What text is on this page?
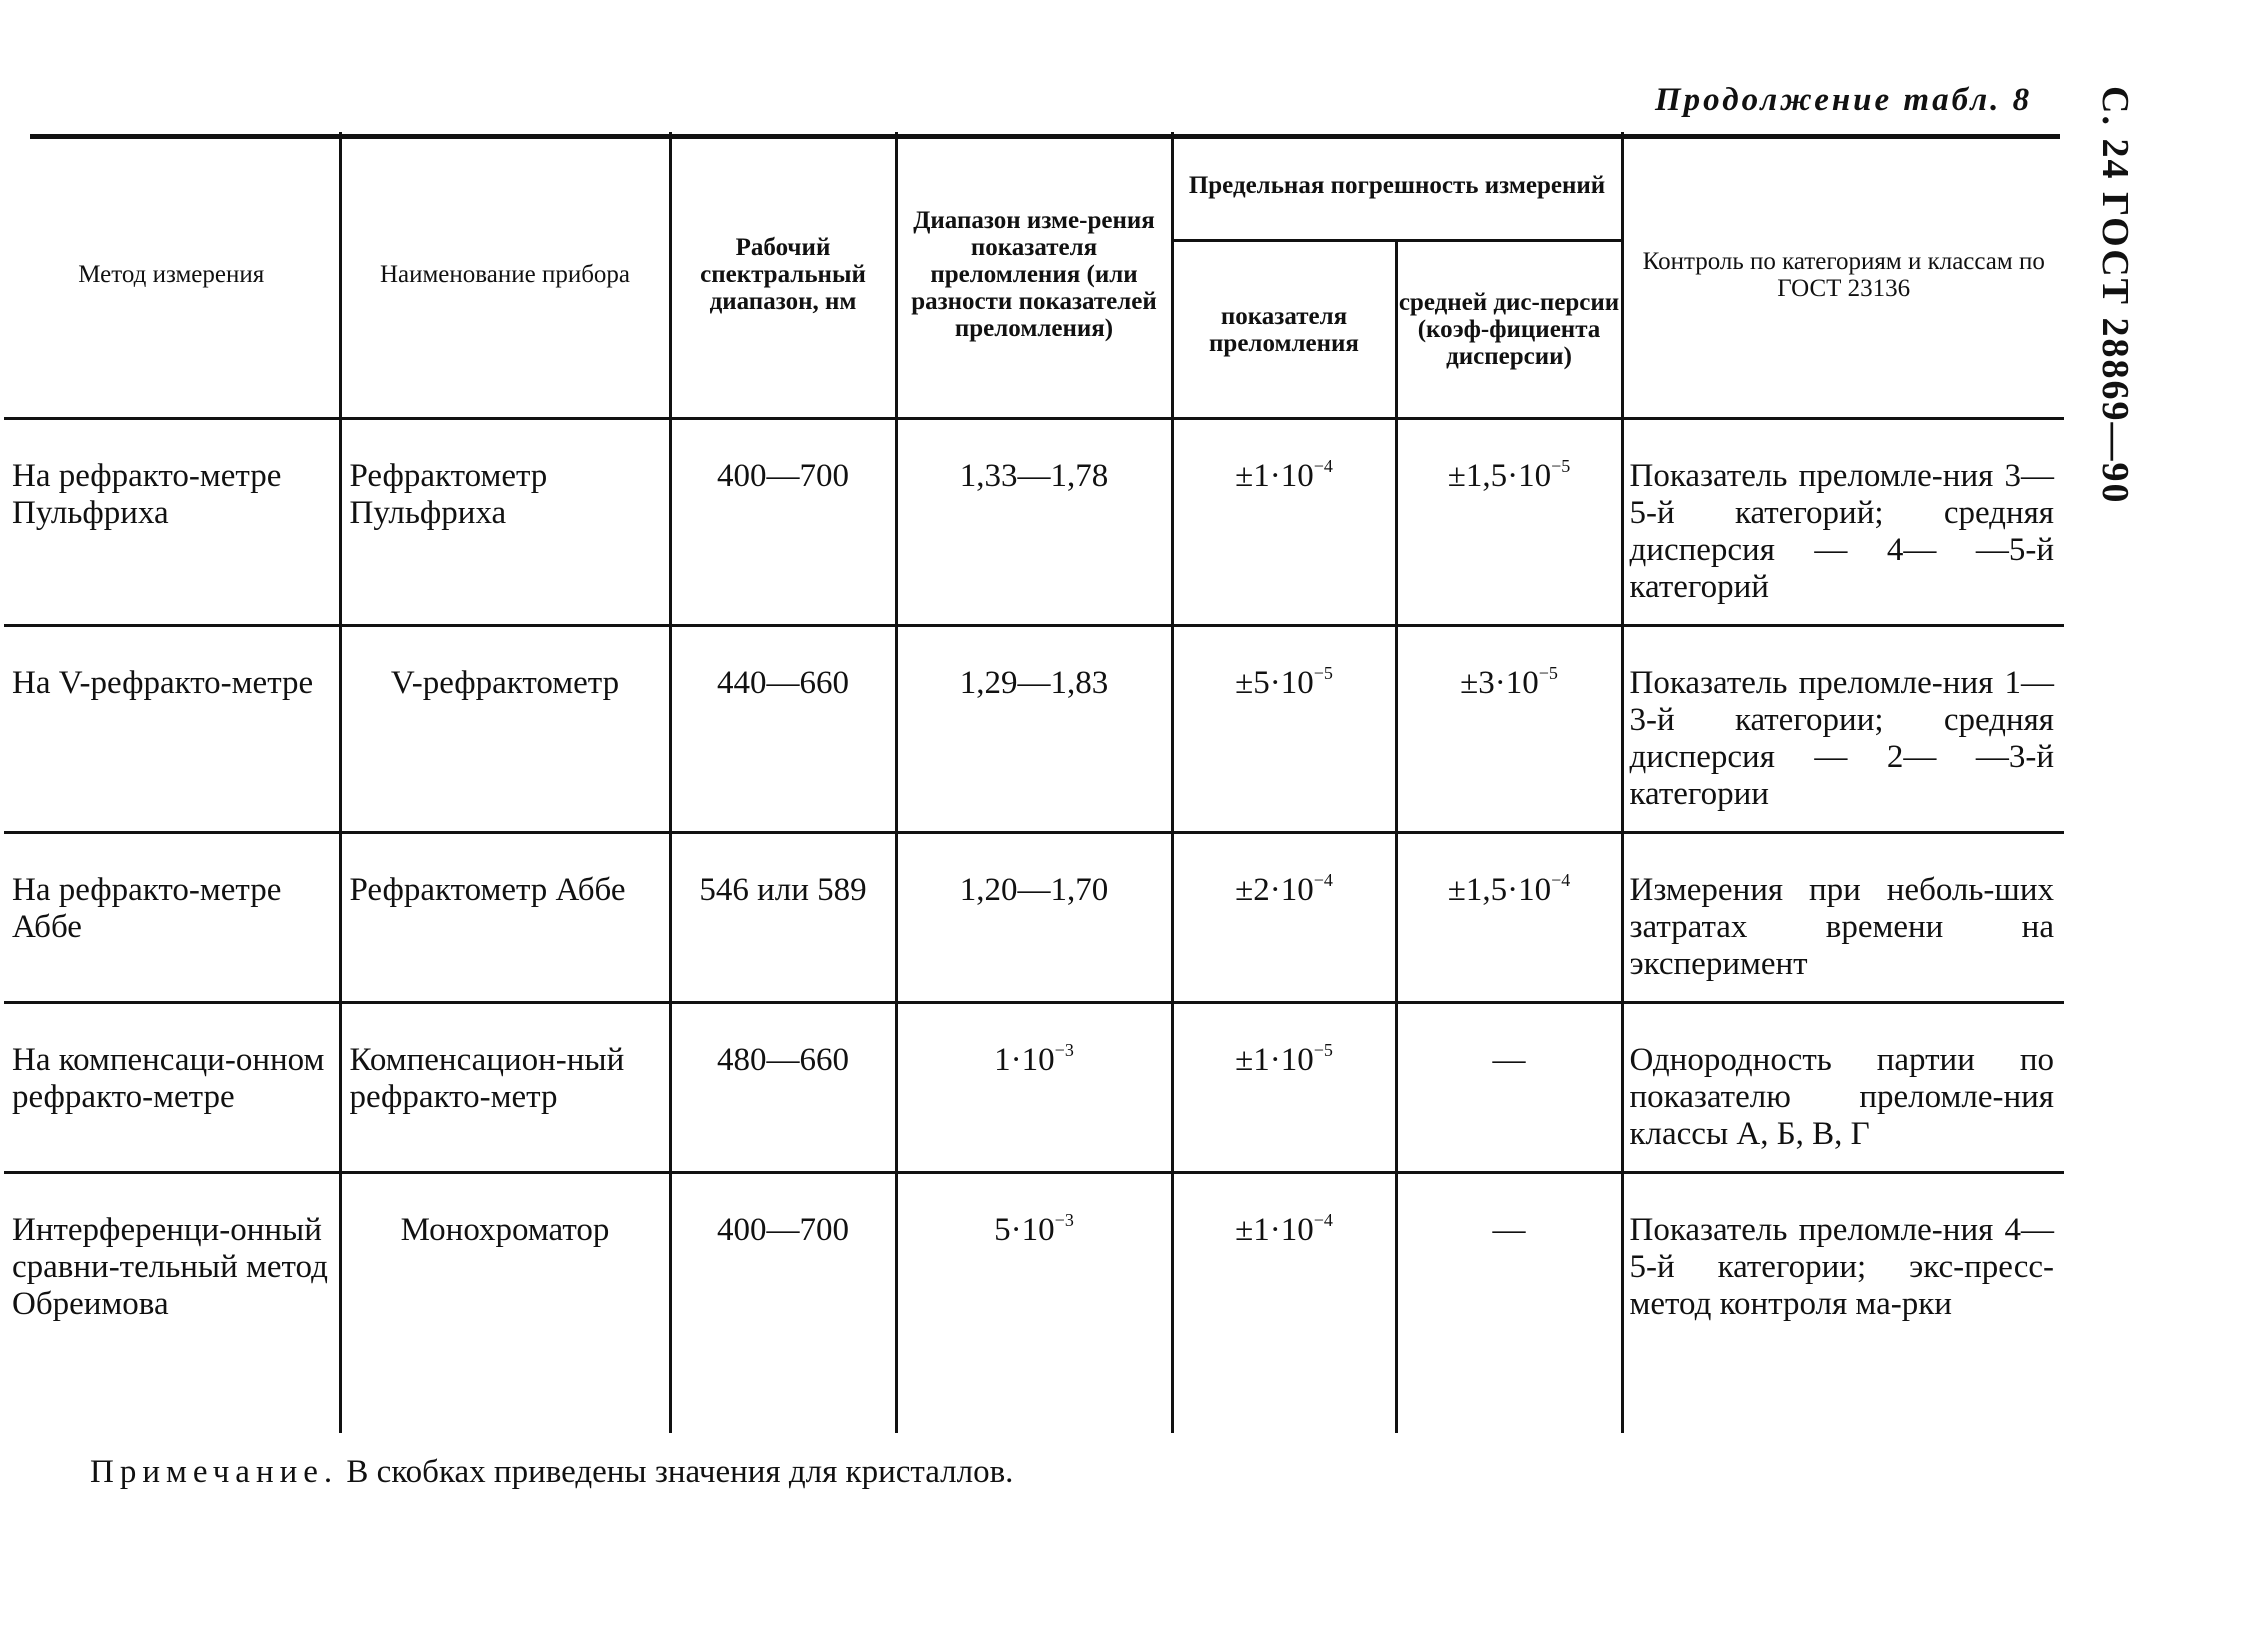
Продолжение табл. 8 С. 24 ГОСТ 28869—90
Метод измерения	Наименование прибора	Рабочий спектральный диапазон, нм	Диапазон изме-рения показателя преломления (или разности показателей преломления)	Предельная погрешность измерений		Контроль по категориям и классам по ГОСТ 23136
				показателя преломления	средней дис-персии (коэф-фициента дисперсии)	

На рефракто-метре Пульфриха	Рефрактометр Пульфриха	400—700	1,33—1,78	$\pm 1\cdot 10^{-4}$	$\pm 1,5\cdot 10^{-5}$	Показатель преломле-ния 3—5-й категорий; средняя дисперсия — 4— —5-й категорий

На V-рефракто-метре	V-рефрактометр	440—660	1,29—1,83	$\pm 5\cdot 10^{-5}$	$\pm 3\cdot 10^{-5}$	Показатель преломле-ния 1—3-й категории; средняя дисперсия — 2— —3-й категории

На рефракто-метре Аббе	Рефрактометр Аббе	546 или 589	1,20—1,70	$\pm 2\cdot 10^{-4}$	$\pm 1,5\cdot 10^{-4}$	Измерения при неболь-ших затратах времени на эксперимент

На компенсаци-онном рефракто-метре	Компенсацион-ный рефракто-метр	480—660	$1\cdot 10^{-3}$	$\pm 1\cdot 10^{-5}$	—	Однородность партии по показателю преломле-ния классы А, Б, В, Г

Интерференци-онный сравни-тельный метод Обреимова	Монохроматор	400—700	$5\cdot 10^{-3}$	$\pm 1\cdot 10^{-4}$	—	Показатель преломле-ния 4—5-й категории; экс-пресс-метод контроля ма-рки
Примечание. В скобках приведены значения для кристаллов.
